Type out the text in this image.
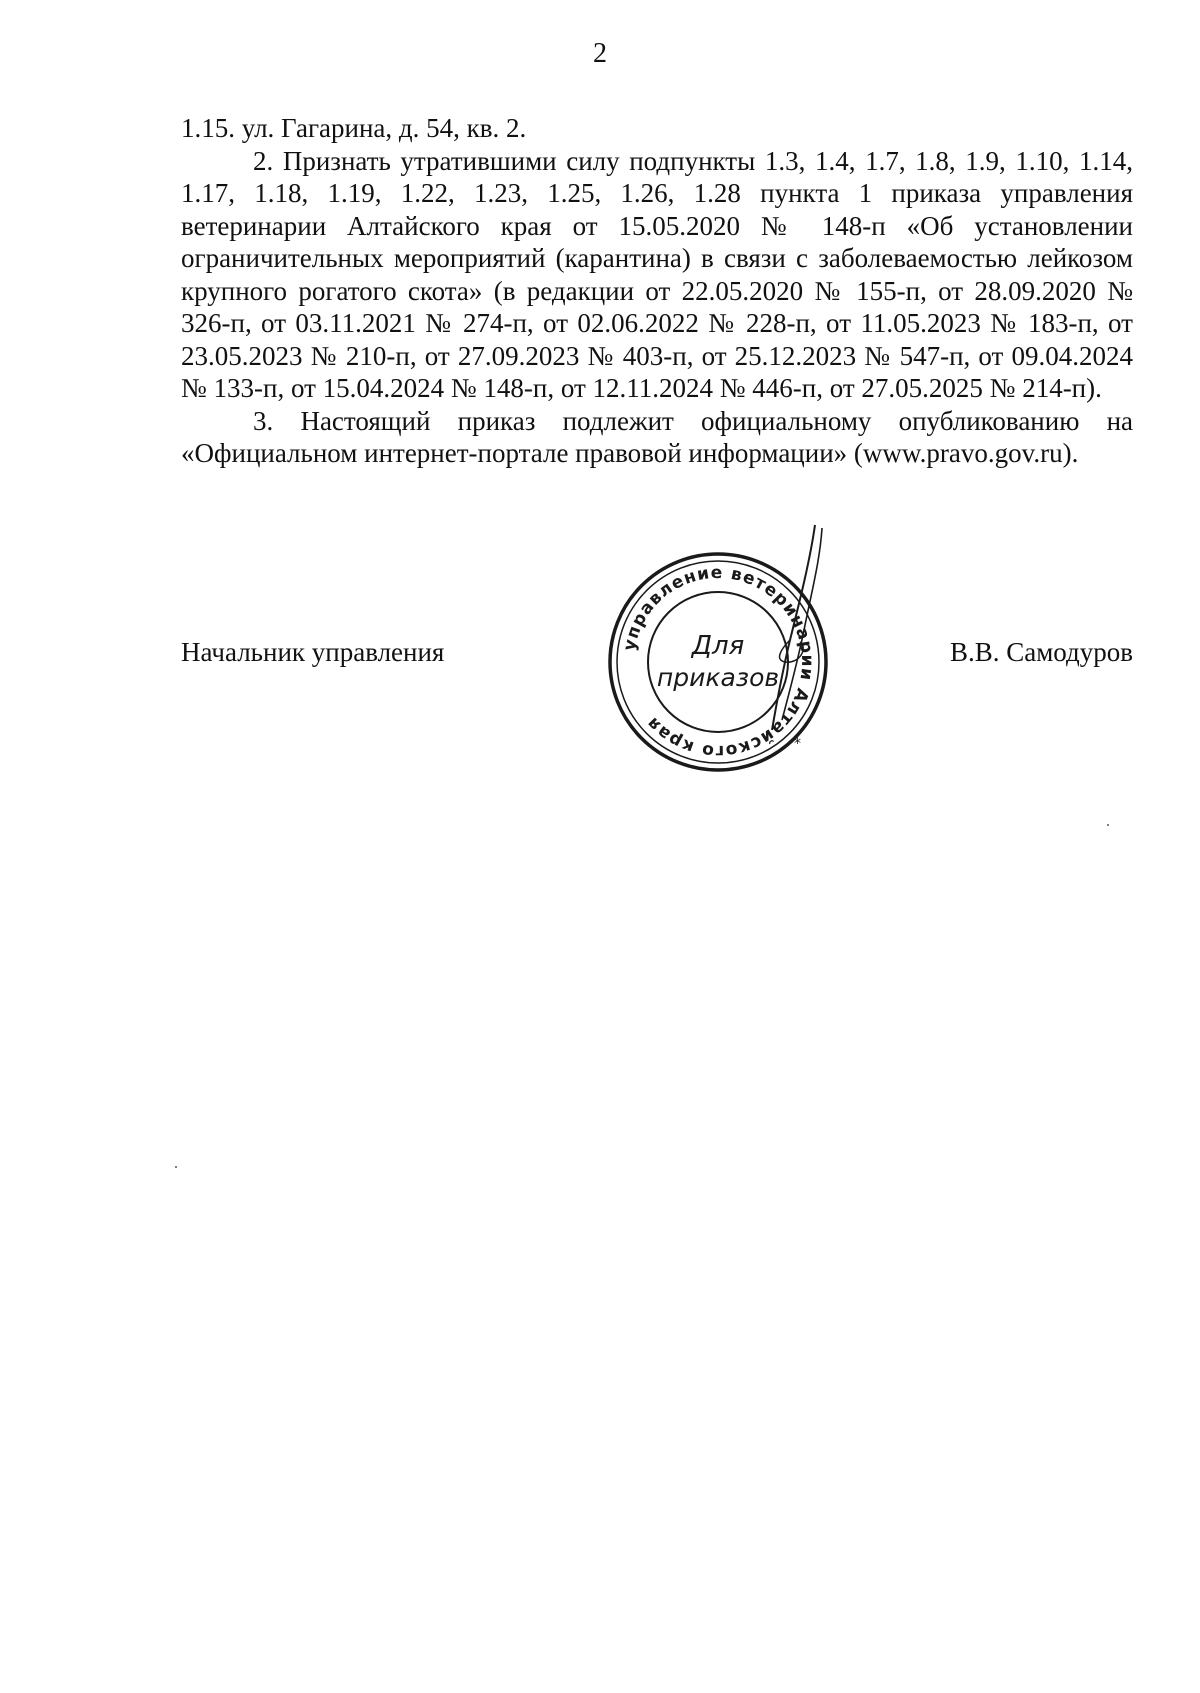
2

1.15. ул. Гагарина, д. 54, кв. 2.

2. Признать утратившими силу подпункты 1.3, 1.4, 1.7, 1.8, 1.9, 1.10, 1.14, 1.17, 1.18, 1.19, 1.22, 1.23, 1.25, 1.26, 1.28 пункта 1 приказа управления ветеринарии Алтайского края от 15.05.2020 № 148-п «Об установлении ограничительных мероприятий (карантина) в связи с заболеваемостью лейкозом крупного рогатого скота» (в редакции от 22.05.2020 № 155-п, от 28.09.2020 № 326-п, от 03.11.2021 № 274-п, от 02.06.2022 № 228-п, от 11.05.2023 № 183-п, от 23.05.2023 № 210-п, от 27.09.2023 № 403-п, от 25.12.2023 № 547-п, от 09.04.2024 № 133-п, от 15.04.2024 № 148-п, от 12.11.2024 № 446-п, от 27.05.2025 № 214-п).

3. Настоящий приказ подлежит официальному опубликованию на «Официальном интернет-портале правовой информации» (www.pravo.gov.ru).

Начальник управления	В.В. Самодуров
управление ветеринарии Алтайского края
*
Для
приказов
